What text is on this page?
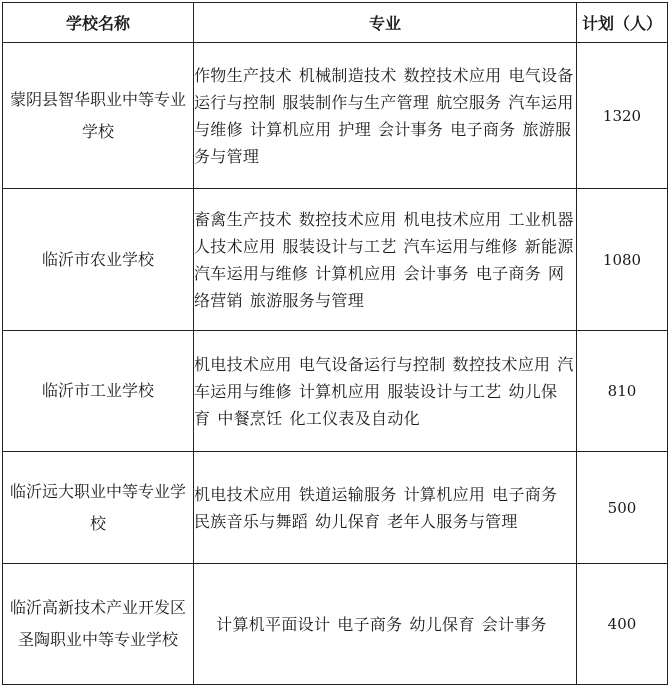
学校名称	专业	计划（人）
蒙阴县智华职业中等专业学校	作物生产技术 机械制造技术 数控技术应用 电气设备运行与控制 服装制作与生产管理 航空服务 汽车运用与维修 计算机应用 护理 会计事务 电子商务 旅游服务与管理	1320
临沂市农业学校	畜禽生产技术 数控技术应用 机电技术应用 工业机器人技术应用 服装设计与工艺 汽车运用与维修 新能源汽车运用与维修 计算机应用 会计事务 电子商务 网络营销 旅游服务与管理	1080
临沂市工业学校	机电技术应用 电气设备运行与控制 数控技术应用 汽车运用与维修 计算机应用 服装设计与工艺 幼儿保育 中餐烹饪 化工仪表及自动化	810
临沂远大职业中等专业学校	机电技术应用 铁道运输服务 计算机应用 电子商务民族音乐与舞蹈 幼儿保育 老年人服务与管理	500
临沂高新技术产业开发区圣陶职业中等专业学校	计算机平面设计 电子商务 幼儿保育 会计事务	400
